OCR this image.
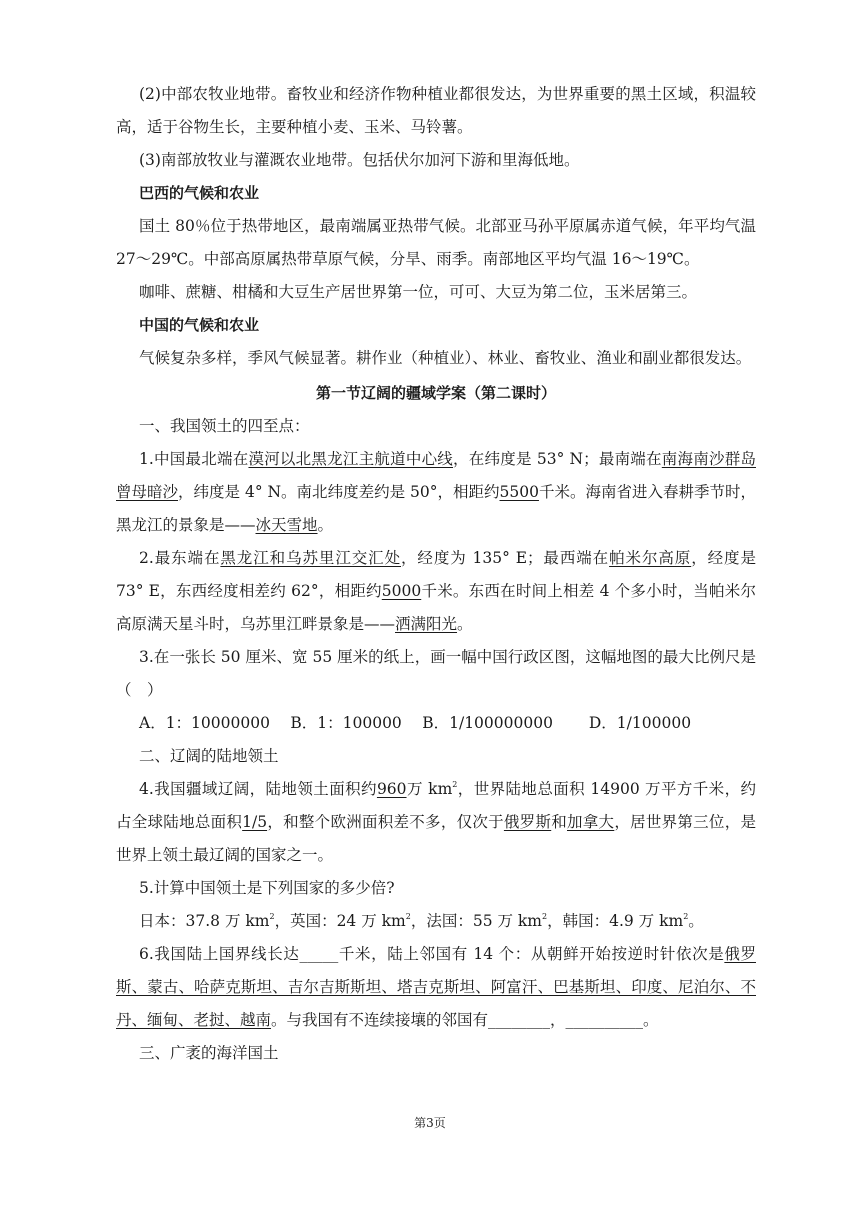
(2)中部农牧业地带。畜牧业和经济作物种植业都很发达，为世界重要的黑土区域，积温较高，适于谷物生长，主要种植小麦、玉米、马铃薯。

(3)南部放牧业与灌溉农业地带。包括伏尔加河下游和里海低地。

巴西的气候和农业

国土 80％位于热带地区，最南端属亚热带气候。北部亚马孙平原属赤道气候，年平均气温 27～29℃。中部高原属热带草原气候，分旱、雨季。南部地区平均气温 16～19℃。

咖啡、蔗糖、柑橘和大豆生产居世界第一位，可可、大豆为第二位，玉米居第三。

中国的气候和农业

气候复杂多样，季风气候显著。耕作业（种植业）、林业、畜牧业、渔业和副业都很发达。

第一节辽阔的疆域学案（第二课时）

一、我国领土的四至点：

1.中国最北端在漠河以北黑龙江主航道中心线，在纬度是 53° N；最南端在南海南沙群岛曾母暗沙，纬度是 4° N。南北纬度差约是 50°，相距约5500千米。海南省进入春耕季节时，黑龙江的景象是——冰天雪地。

2.最东端在黑龙江和乌苏里江交汇处，经度为 135° E；最西端在帕米尔高原，经度是 73° E，东西经度相差约 62°，相距约5000千米。东西在时间上相差 4 个多小时，当帕米尔高原满天星斗时，乌苏里江畔景象是——洒满阳光。

3.在一张长 50 厘米、宽 55 厘米的纸上，画一幅中国行政区图，这幅地图的最大比例尺是（　）

A．1：10000000　 B．1：100000　 B．1/100000000　　 D．1/100000

二、辽阔的陆地领土

4.我国疆域辽阔，陆地领土面积约960万 $km^2$，世界陆地总面积 14900 万平方千米，约占全球陆地总面积1/5，和整个欧洲面积差不多，仅次于俄罗斯和加拿大，居世界第三位，是世界上领土最辽阔的国家之一。

5.计算中国领土是下列国家的多少倍?

日本：37.8 万 $km^2$，英国：24 万 $km^2$，法国：55 万 $km^2$，韩国：4.9 万 $km^2$。

6.我国陆上国界线长达_____千米，陆上邻国有 14 个：从朝鲜开始按逆时针依次是俄罗斯、蒙古、哈萨克斯坦、吉尔吉斯斯坦、塔吉克斯坦、阿富汗、巴基斯坦、印度、尼泊尔、不丹、缅甸、老挝、越南。与我国有不连续接壤的邻国有________，__________。

三、广袤的海洋国土

第3页
